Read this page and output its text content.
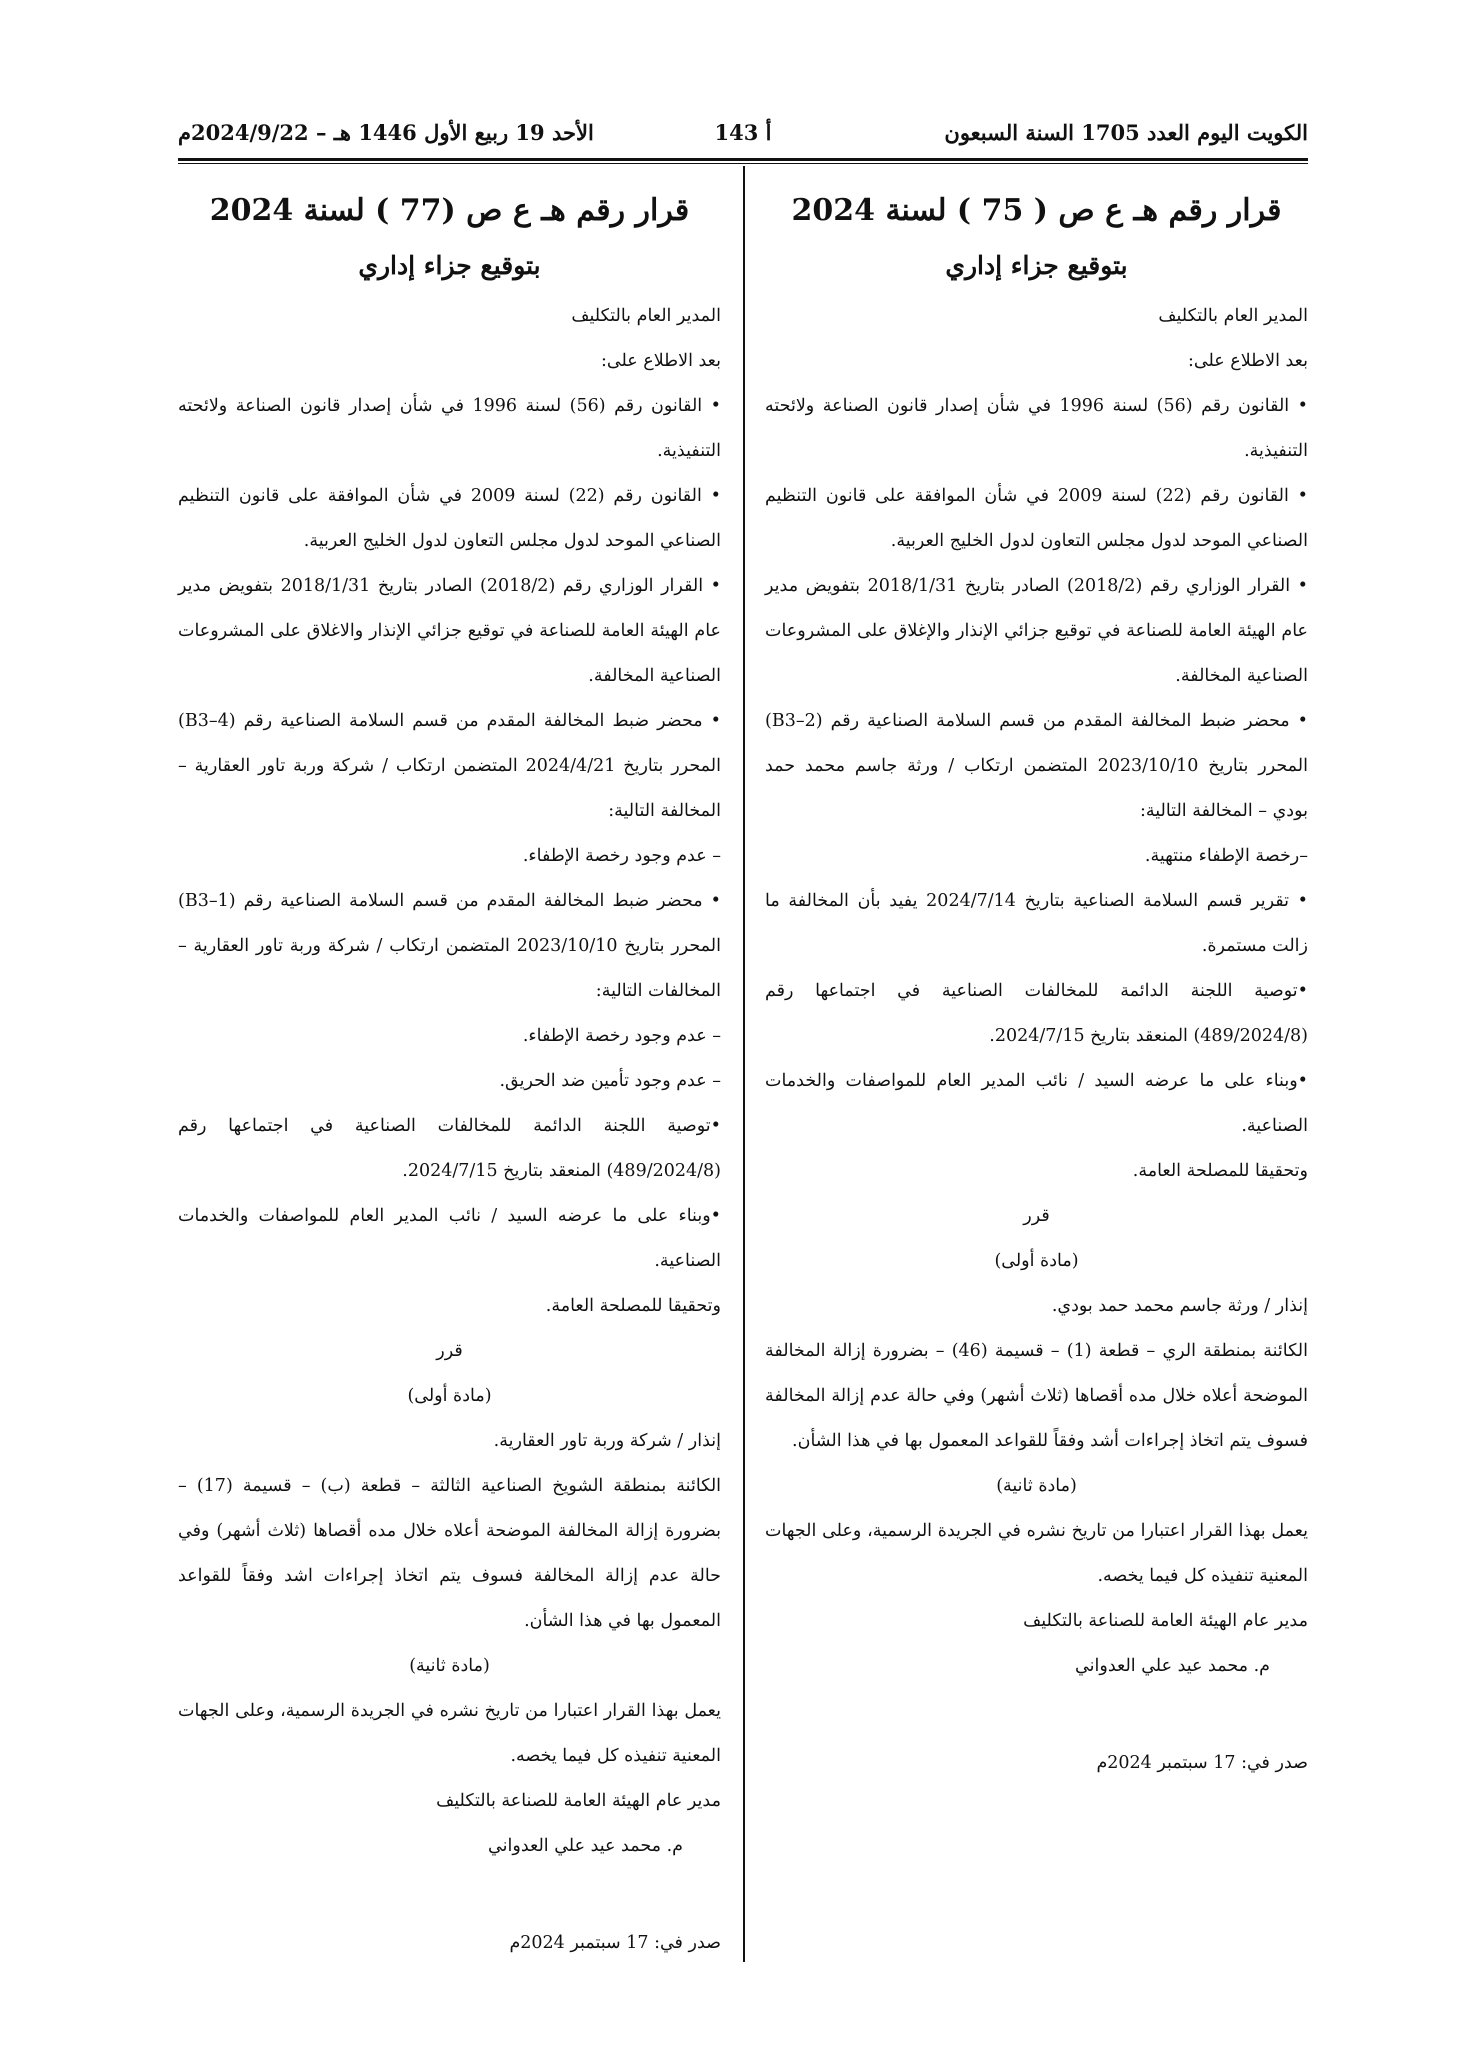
الكويت اليوم العدد 1705 السنة السبعون
أ 143
الأحد 19 ربيع الأول 1446 هـ – 2024/9/22م
قرار رقم هـ ع ص ( 75 ) لسنة 2024
بتوقيع جزاء إداري

المدير العام بالتكليف

بعد الاطلاع على:

• القانون رقم (56) لسنة 1996 في شأن إصدار قانون الصناعة ولائحته التنفيذية.

• القانون رقم (22) لسنة 2009 في شأن الموافقة على قانون التنظيم الصناعي الموحد لدول مجلس التعاون لدول الخليج العربية.

• القرار الوزاري رقم (2018/2) الصادر بتاريخ 2018/1/31 بتفويض مدير عام الهيئة العامة للصناعة في توقيع جزائي الإنذار والإغلاق على المشروعات الصناعية المخالفة.

• محضر ضبط المخالفة المقدم من قسم السلامة الصناعية رقم (B3–2) المحرر بتاريخ 2023/10/10 المتضمن ارتكاب / ورثة جاسم محمد حمد بودي – المخالفة التالية:

–رخصة الإطفاء منتهية.

• تقرير قسم السلامة الصناعية بتاريخ 2024/7/14 يفيد بأن المخالفة ما زالت مستمرة.

•توصية اللجنة الدائمة للمخالفات الصناعية في اجتماعها رقم (489/2024/8) المنعقد بتاريخ 2024/7/15.

•وبناء على ما عرضه السيد / نائب المدير العام للمواصفات والخدمات الصناعية.

وتحقيقا للمصلحة العامة.

قرر

(مادة أولى)

إنذار / ورثة جاسم محمد حمد بودي.

الكائنة بمنطقة الري – قطعة (1) – قسيمة (46) – بضرورة إزالة المخالفة الموضحة أعلاه خلال مده أقصاها (ثلاث أشهر) وفي حالة عدم إزالة المخالفة فسوف يتم اتخاذ إجراءات أشد وفقاً للقواعد المعمول بها في هذا الشأن.

(مادة ثانية)

يعمل بهذا القرار اعتبارا من تاريخ نشره في الجريدة الرسمية، وعلى الجهات المعنية تنفيذه كل فيما يخصه.

مدير عام الهيئة العامة للصناعة بالتكليف

م. محمد عيد علي العدواني

صدر في: 17 سبتمبر 2024م

قرار رقم هـ ع ص (77 ) لسنة 2024
بتوقيع جزاء إداري

المدير العام بالتكليف

بعد الاطلاع على:

• القانون رقم (56) لسنة 1996 في شأن إصدار قانون الصناعة ولائحته التنفيذية.

• القانون رقم (22) لسنة 2009 في شأن الموافقة على قانون التنظيم الصناعي الموحد لدول مجلس التعاون لدول الخليج العربية.

• القرار الوزاري رقم (2018/2) الصادر بتاريخ 2018/1/31 بتفويض مدير عام الهيئة العامة للصناعة في توقيع جزائي الإنذار والاغلاق على المشروعات الصناعية المخالفة.

• محضر ضبط المخالفة المقدم من قسم السلامة الصناعية رقم (B3–4) المحرر بتاريخ 2024/4/21 المتضمن ارتكاب / شركة وربة تاور العقارية – المخالفة التالية:

– عدم وجود رخصة الإطفاء.

• محضر ضبط المخالفة المقدم من قسم السلامة الصناعية رقم (B3–1) المحرر بتاريخ 2023/10/10 المتضمن ارتكاب / شركة وربة تاور العقارية – المخالفات التالية:

– عدم وجود رخصة الإطفاء.

– عدم وجود تأمين ضد الحريق.

•توصية اللجنة الدائمة للمخالفات الصناعية في اجتماعها رقم (489/2024/8) المنعقد بتاريخ 2024/7/15.

•وبناء على ما عرضه السيد / نائب المدير العام للمواصفات والخدمات الصناعية.

وتحقيقا للمصلحة العامة.

قرر

(مادة أولى)

إنذار / شركة وربة تاور العقارية.

الكائنة بمنطقة الشويخ الصناعية الثالثة – قطعة (ب) – قسيمة (17) – بضرورة إزالة المخالفة الموضحة أعلاه خلال مده أقصاها (ثلاث أشهر) وفي حالة عدم إزالة المخالفة فسوف يتم اتخاذ إجراءات اشد وفقاً للقواعد المعمول بها في هذا الشأن.

(مادة ثانية)

يعمل بهذا القرار اعتبارا من تاريخ نشره في الجريدة الرسمية، وعلى الجهات المعنية تنفيذه كل فيما يخصه.

مدير عام الهيئة العامة للصناعة بالتكليف

م. محمد عيد علي العدواني

صدر في: 17 سبتمبر 2024م
